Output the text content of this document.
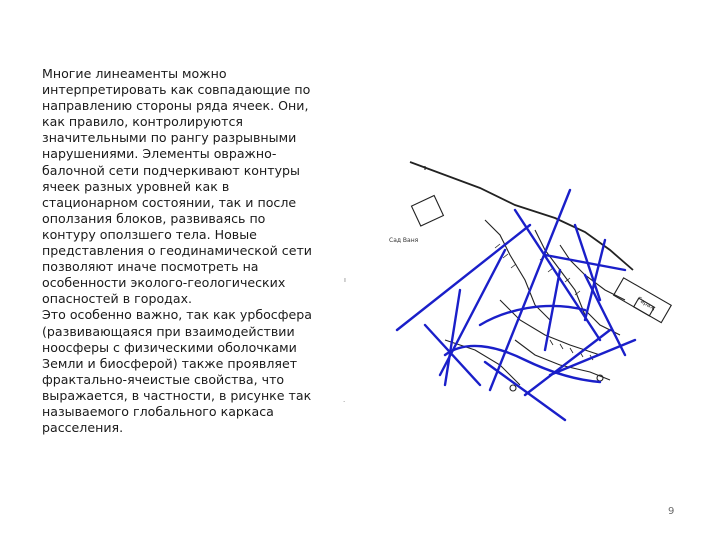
Многие линеаменты можно
интерпретировать как совпадающие по
направлению стороны ряда ячеек. Они,
как правило, контролируются
значительными по рангу разрывными
нарушениями. Элементы овражно-
балочной сети подчеркивают контуры
ячеек разных уровней как в
стационарном состоянии, так и после
оползания блоков, развиваясь по
контуру оползшего тела. Новые
представления о геодинамической сети
позволяют иначе посмотреть на
особенности эколого-геологических
опасностей в городах.

Это особенно важно, так как урбосфера
(развивающаяся при взаимодействии
ноосферы с физическими оболочками
Земли и биосферой) также проявляет
фрактально-ячеистые свойства, что
выражается, в частности, в рисунке так
называемого глобального каркаса
расселения.

ı
·
Сад Ваня
Гараж
9
